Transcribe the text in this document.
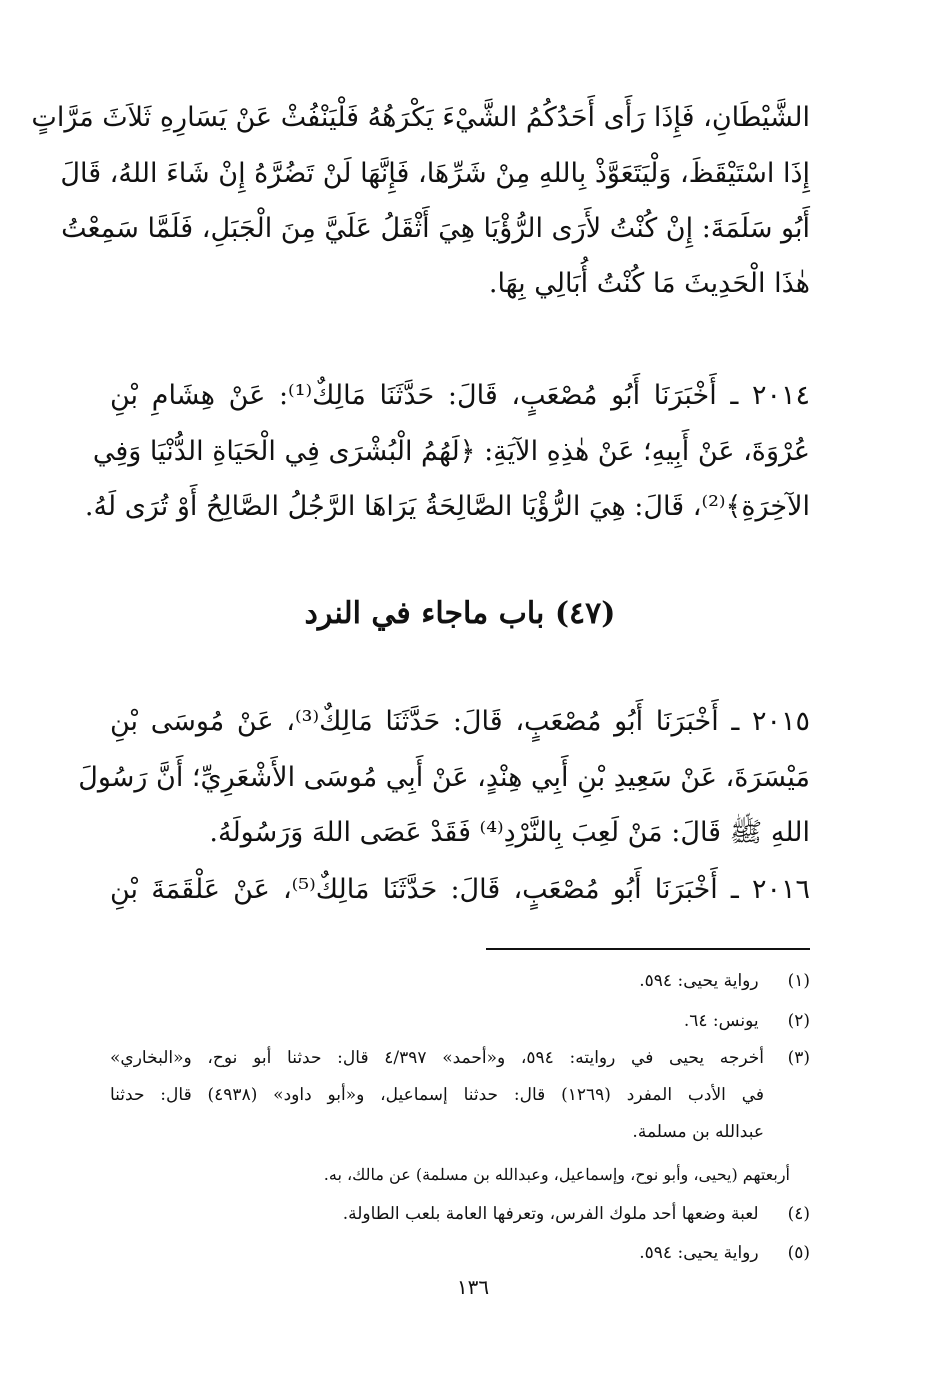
الشَّيْطَانِ، فَإِذَا رَأَى أَحَدُكُمُ الشَّيْءَ يَكْرَهُهُ فَلْيَنْفُثْ عَنْ يَسَارِهِ ثَلاَثَ مَرَّاتٍ
إِذَا اسْتَيْقَظَ، وَلْيَتَعَوَّذْ بِاللهِ مِنْ شَرِّهَا، فَإِنَّهَا لَنْ تَضُرَّهُ إِنْ شَاءَ اللهُ، قَالَ
أَبُو سَلَمَةَ: إِنْ كُنْتُ لأَرَى الرُّؤْيَا هِيَ أَثْقَلُ عَلَيَّ مِنَ الْجَبَلِ، فَلَمَّا سَمِعْتُ
هٰذَا الْحَدِيثَ مَا كُنْتُ أُبَالِي بِهَا.
٢٠١٤ ـ أَخْبَرَنَا أَبُو مُصْعَبٍ، قَالَ: حَدَّثَنَا مَالِكٌ⁽¹⁾: عَنْ هِشَامِ بْنِ
عُرْوَةَ، عَنْ أَبِيهِ؛ عَنْ هٰذِهِ الآيَةِ: ﴿لَهُمُ الْبُشْرَى فِي الْحَيَاةِ الدُّنْيَا وَفِي
الآخِرَةِ﴾⁽²⁾، قَالَ: هِيَ الرُّؤْيَا الصَّالِحَةُ يَرَاهَا الرَّجُلُ الصَّالِحُ أَوْ تُرَى لَهُ.
(٤٧) باب ماجاء في النرد
٢٠١٥ ـ أَخْبَرَنَا أَبُو مُصْعَبٍ، قَالَ: حَدَّثَنَا مَالِكٌ⁽³⁾، عَنْ مُوسَى بْنِ
مَيْسَرَةَ، عَنْ سَعِيدِ بْنِ أَبِي هِنْدٍ، عَنْ أَبِي مُوسَى الأَشْعَرِيِّ؛ أَنَّ رَسُولَ
اللهِ ﷺ قَالَ: مَنْ لَعِبَ بِالنَّرْدِ⁽⁴⁾ فَقَدْ عَصَى اللهَ وَرَسُولَهُ.
٢٠١٦ ـ أَخْبَرَنَا أَبُو مُصْعَبٍ، قَالَ: حَدَّثَنَا مَالِكٌ⁽⁵⁾، عَنْ عَلْقَمَةَ بْنِ
(١) رواية يحيى: ٥٩٤.
(٢) يونس: ٦٤.
(٣)
أخرجه يحيى في روايته: ٥٩٤، و«أحمد» ٤/٣٩٧ قال: حدثنا أبو نوح، و«البخاري»
في الأدب المفرد (١٢٦٩) قال: حدثنا إسماعيل، و«أبو داود» (٤٩٣٨) قال: حدثنا
عبدالله بن مسلمة.
أربعتهم (يحيى، وأبو نوح، وإسماعيل، وعبدالله بن مسلمة) عن مالك، به.
(٤) لعبة وضعها أحد ملوك الفرس، وتعرفها العامة بلعب الطاولة.
(٥) رواية يحيى: ٥٩٤.
١٣٦
